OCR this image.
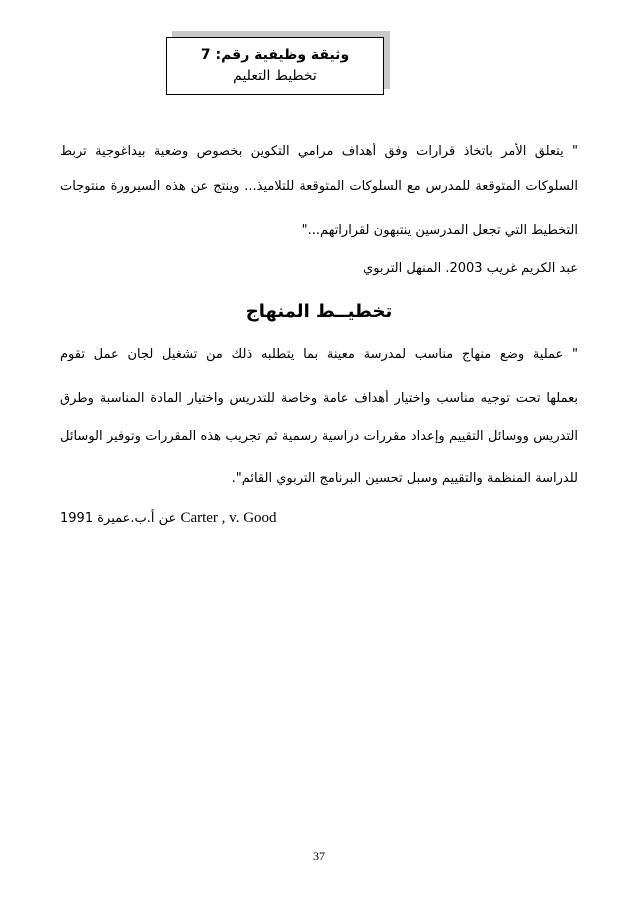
وثيقة وظيفية رقم: 7
تخطيط التعليم
" يتعلق الأمر باتخاذ قرارات وفق أهداف مرامي التكوين بخصوص وضعية بيداغوجية تربط
السلوكات المتوقعة للمدرس مع السلوكات المتوقعة للتلاميذ... وينتج عن هذه السيرورة منتوجات
التخطيط التي تجعل المدرسين ينتبهون لقراراتهم..."
عبد الكريم غريب 2003. المنهل التربوي
تخطيــط المنهاج
" عملية وضع منهاج مناسب لمدرسة معينة بما يتطلبه ذلك من تشغيل لجان عمل تقوم
بعملها تحت توجيه مناسب واختيار أهداف عامة وخاصة للتدريس واختيار المادة المناسبة وطرق
التدريس ووسائل التقييم وإعداد مقررات دراسية رسمية ثم تجريب هذه المقررات وتوفير الوسائل
للدراسة المنظمة والتقييم وسبل تحسين البرنامج التربوي القائم".
Carter , v. Good عن أ.ب.عميرة 1991
37
